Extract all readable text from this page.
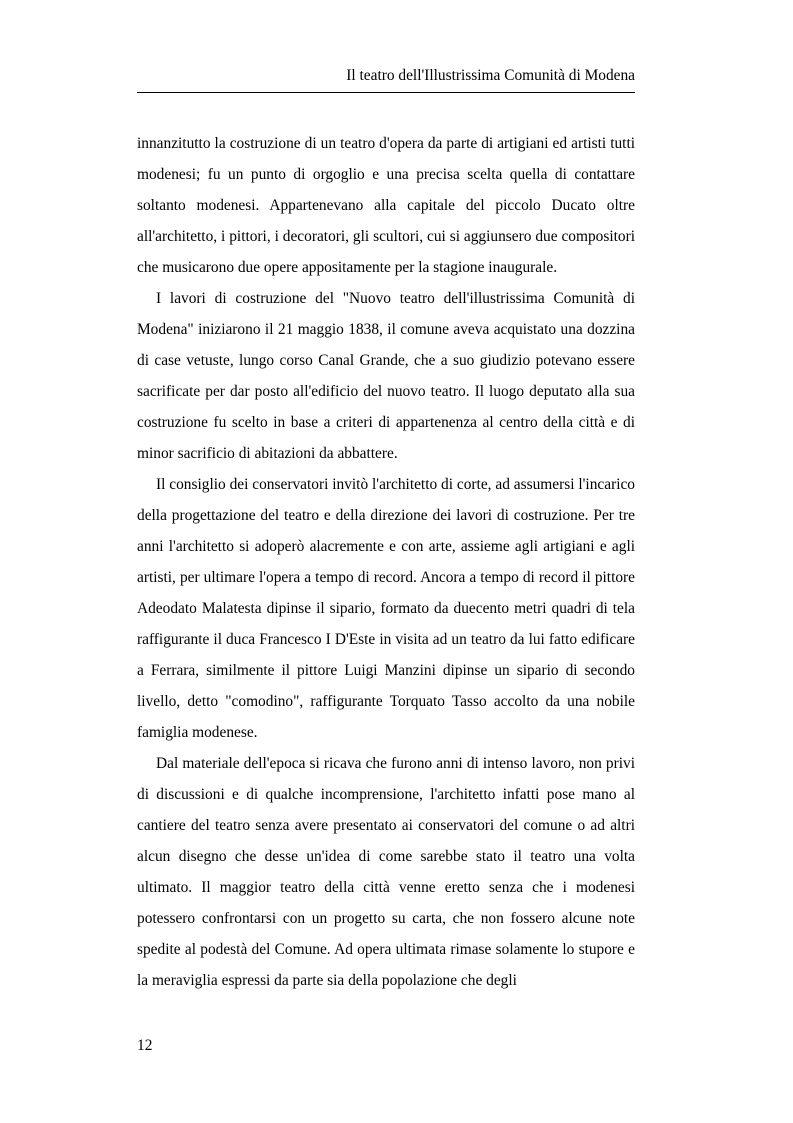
Il teatro dell'Illustrissima Comunità di Modena

innanzitutto la costruzione di un teatro d'opera da parte di artigiani ed artisti tutti modenesi; fu un punto di orgoglio e una precisa scelta quella di contattare soltanto modenesi. Appartenevano alla capitale del piccolo Ducato oltre all'architetto, i pittori, i decoratori, gli scultori, cui si aggiunsero due compositori che musicarono due opere appositamente per la stagione inaugurale.

I lavori di costruzione del "Nuovo teatro dell'illustrissima Comunità di Modena" iniziarono il 21 maggio 1838, il comune aveva acquistato una dozzina di case vetuste, lungo corso Canal Grande, che a suo giudizio potevano essere sacrificate per dar posto all'edificio del nuovo teatro. Il luogo deputato alla sua costruzione fu scelto in base a criteri di appartenenza al centro della città e di minor sacrificio di abitazioni da abbattere.

Il consiglio dei conservatori invitò l'architetto di corte, ad assumersi l'incarico della progettazione del teatro e della direzione dei lavori di costruzione. Per tre anni l'architetto si adoperò alacremente e con arte, assieme agli artigiani e agli artisti, per ultimare l'opera a tempo di record. Ancora a tempo di record il pittore Adeodato Malatesta dipinse il sipario, formato da duecento metri quadri di tela raffigurante il duca Francesco I D'Este in visita ad un teatro da lui fatto edificare a Ferrara, similmente il pittore Luigi Manzini dipinse un sipario di secondo livello, detto "comodino", raffigurante Torquato Tasso accolto da una nobile famiglia modenese.

Dal materiale dell'epoca si ricava che furono anni di intenso lavoro, non privi di discussioni e di qualche incomprensione, l'architetto infatti pose mano al cantiere del teatro senza avere presentato ai conservatori del comune o ad altri alcun disegno che desse un'idea di come sarebbe stato il teatro una volta ultimato. Il maggior teatro della città venne eretto senza che i modenesi potessero confrontarsi con un progetto su carta, che non fossero alcune note spedite al podestà del Comune. Ad opera ultimata rimase solamente lo stupore e la meraviglia espressi da parte sia della popolazione che degli

12
